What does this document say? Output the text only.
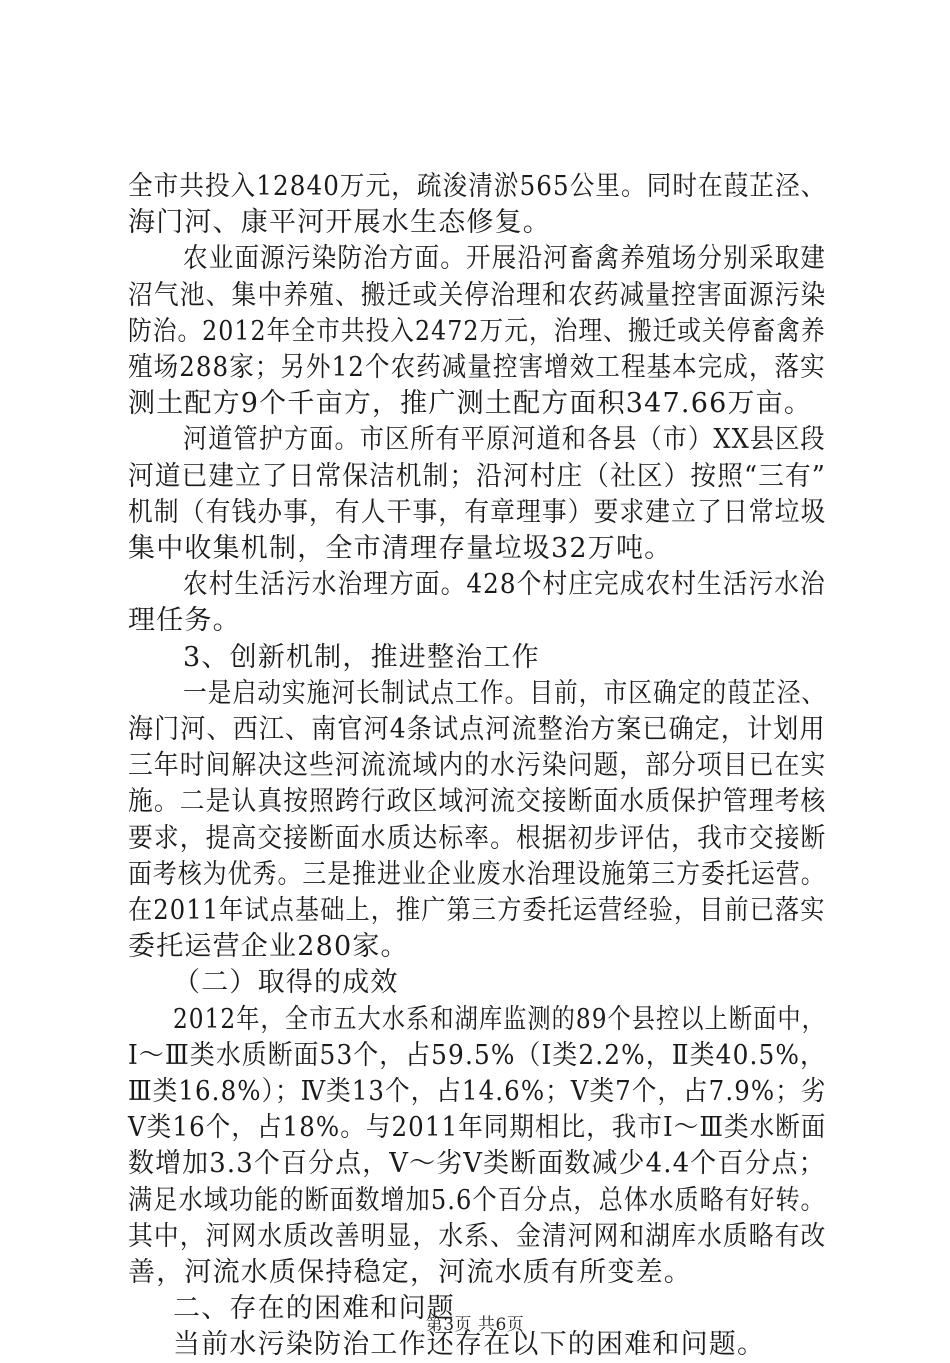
全市共投入12840万元，疏浚清淤565公里。同时在葭芷泾、
海门河、康平河开展水生态修复。
农业面源污染防治方面。开展沿河畜禽养殖场分别采取建
沼气池、集中养殖、搬迁或关停治理和农药减量控害面源污染
防治。2012年全市共投入2472万元，治理、搬迁或关停畜禽养
殖场288家；另外12个农药减量控害增效工程基本完成，落实
测土配方9个千亩方，推广测土配方面积347.66万亩。
河道管护方面。市区所有平原河道和各县（市）XX县区段
河道已建立了日常保洁机制；沿河村庄（社区）按照“三有”
机制（有钱办事，有人干事，有章理事）要求建立了日常垃圾
集中收集机制，全市清理存量垃圾32万吨。
农村生活污水治理方面。428个村庄完成农村生活污水治
理任务。
3、创新机制，推进整治工作
一是启动实施河长制试点工作。目前，市区确定的葭芷泾、
海门河、西江、南官河4条试点河流整治方案已确定，计划用
三年时间解决这些河流流域内的水污染问题，部分项目已在实
施。二是认真按照跨行政区域河流交接断面水质保护管理考核
要求，提高交接断面水质达标率。根据初步评估，我市交接断
面考核为优秀。三是推进业企业废水治理设施第三方委托运营。
在2011年试点基础上，推广第三方委托运营经验，目前已落实
委托运营企业280家。
（二）取得的成效
2012年，全市五大水系和湖库监测的89个县控以上断面中，
Ⅰ～Ⅲ类水质断面53个，占59.5%（Ⅰ类2.2%，Ⅱ类40.5%，
Ⅲ类16.8%）；Ⅳ类13个，占14.6%；Ⅴ类7个，占7.9%；劣
Ⅴ类16个，占18%。与2011年同期相比，我市Ⅰ～Ⅲ类水断面
数增加3.3个百分点，Ⅴ～劣Ⅴ类断面数减少4.4个百分点；
满足水域功能的断面数增加5.6个百分点，总体水质略有好转。
其中，河网水质改善明显，水系、金清河网和湖库水质略有改
善，河流水质保持稳定，河流水质有所变差。
二、存在的困难和问题
当前水污染防治工作还存在以下的困难和问题。
第3页 共6页
